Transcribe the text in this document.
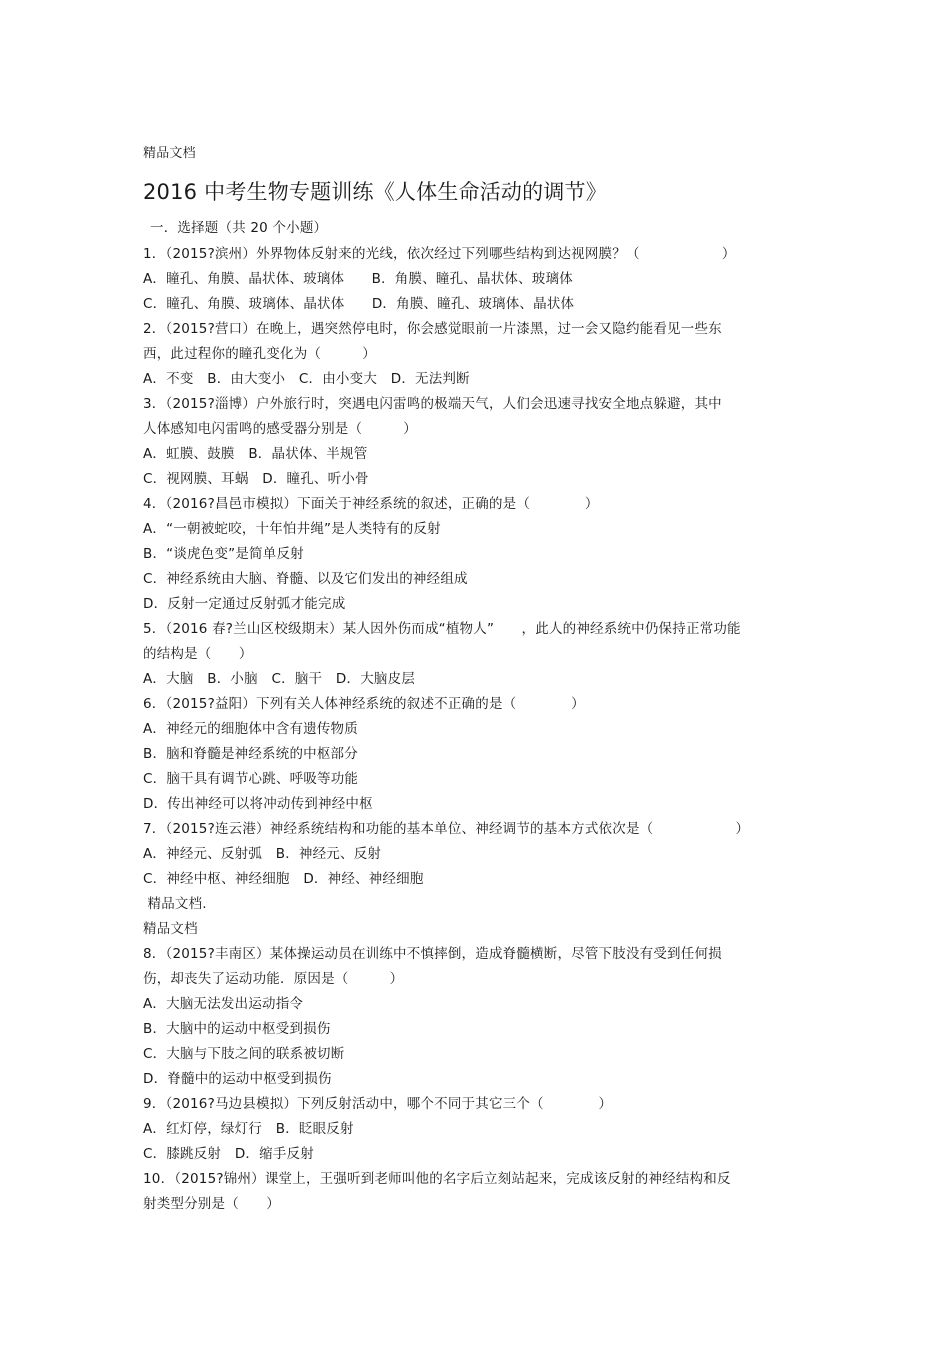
精品文档
2016 中考生物专题训练《人体生命活动的调节》
一．选择题（共 20 个小题）
1．（2015?滨州）外界物体反射来的光线，依次经过下列哪些结构到达视网膜？（　　　　　　）
A．瞳孔、角膜、晶状体、玻璃体　　B．角膜、瞳孔、晶状体、玻璃体
C．瞳孔、角膜、玻璃体、晶状体　　D．角膜、瞳孔、玻璃体、晶状体
2．（2015?营口）在晚上，遇突然停电时，你会感觉眼前一片漆黑，过一会又隐约能看见一些东
西，此过程你的瞳孔变化为（　　　）
A．不变　B．由大变小　C．由小变大　D．无法判断
3．（2015?淄博）户外旅行时，突遇电闪雷鸣的极端天气，人们会迅速寻找安全地点躲避，其中
人体感知电闪雷鸣的感受器分别是（　　　）
A．虹膜、鼓膜　B．晶状体、半规管
C．视网膜、耳蜗　D．瞳孔、听小骨
4．（2016?昌邑市模拟）下面关于神经系统的叙述，正确的是（　　　　）
A．“一朝被蛇咬，十年怕井绳”是人类特有的反射
B．“谈虎色变”是简单反射
C．神经系统由大脑、脊髓、以及它们发出的神经组成
D．反射一定通过反射弧才能完成
5．（2016 春?兰山区校级期末）某人因外伤而成“植物人”　　，此人的神经系统中仍保持正常功能
的结构是（　　）
A．大脑　B．小脑　C．脑干　D．大脑皮层
6．（2015?益阳）下列有关人体神经系统的叙述不正确的是（　　　　）
A．神经元的细胞体中含有遗传物质
B．脑和脊髓是神经系统的中枢部分
C．脑干具有调节心跳、呼吸等功能
D．传出神经可以将冲动传到神经中枢
7．（2015?连云港）神经系统结构和功能的基本单位、神经调节的基本方式依次是（　　　　　　）
A．神经元、反射弧　B．神经元、反射
C．神经中枢、神经细胞　D．神经、神经细胞
精品文档.
精品文档
8．（2015?丰南区）某体操运动员在训练中不慎摔倒，造成脊髓横断，尽管下肢没有受到任何损
伤，却丧失了运动功能．原因是（　　　）
A．大脑无法发出运动指令
B．大脑中的运动中枢受到损伤
C．大脑与下肢之间的联系被切断
D．脊髓中的运动中枢受到损伤
9．（2016?马边县模拟）下列反射活动中，哪个不同于其它三个（　　　　）
A．红灯停，绿灯行　B．眨眼反射
C．膝跳反射　D．缩手反射
10．（2015?锦州）课堂上，王强听到老师叫他的名字后立刻站起来，完成该反射的神经结构和反
射类型分别是（　　）
